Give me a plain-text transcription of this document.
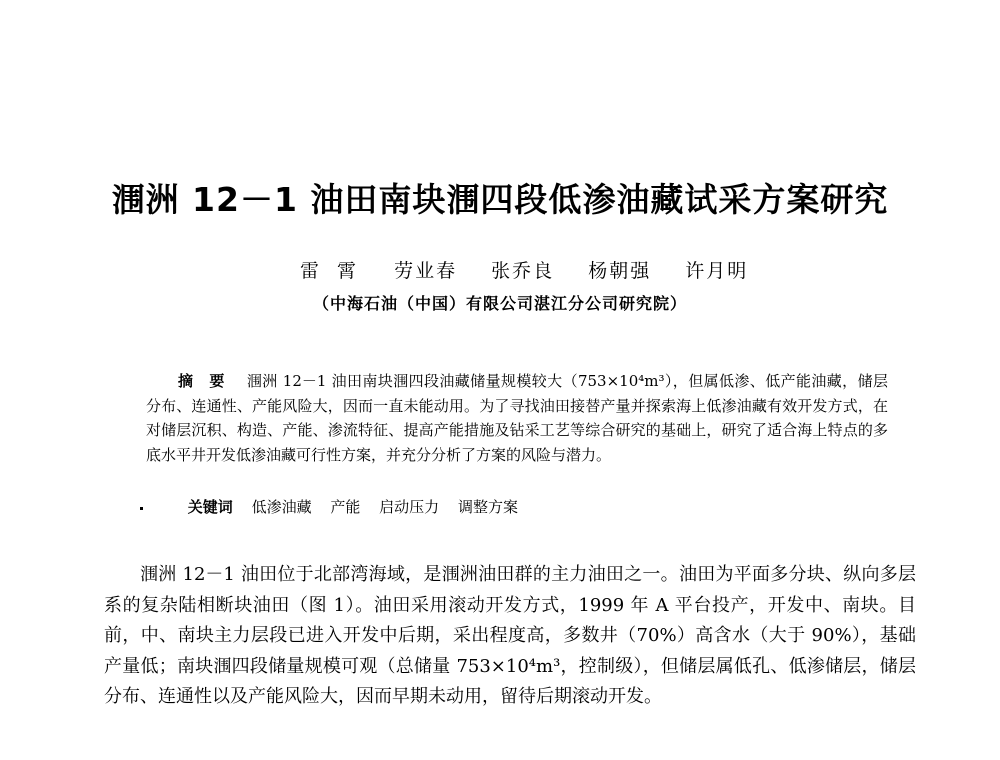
涠洲 12－1 油田南块涠四段低渗油藏试采方案研究
雷霄 劳业春 张乔良 杨朝强 许月明
（中海石油（中国）有限公司湛江分公司研究院）

摘要 涠洲 12－1 油田南块涠四段油藏储量规模较大（753×10⁴m³），但属低渗、低产能油藏，储层分布、连通性、产能风险大，因而一直未能动用。为了寻找油田接替产量并探索海上低渗油藏有效开发方式，在对储层沉积、构造、产能、渗流特征、提高产能措施及钻采工艺等综合研究的基础上，研究了适合海上特点的多底水平井开发低渗油藏可行性方案，并充分分析了方案的风险与潜力。

关键词 低渗油藏 产能 启动压力 调整方案

涠洲 12－1 油田位于北部湾海域，是涠洲油田群的主力油田之一。油田为平面多分块、纵向多层系的复杂陆相断块油田（图 1）。油田采用滚动开发方式，1999 年 A 平台投产，开发中、南块。目前，中、南块主力层段已进入开发中后期，采出程度高，多数井（70%）高含水（大于 90%），基础产量低；南块涠四段储量规模可观（总储量 753×10⁴m³，控制级），但储层属低孔、低渗储层，储层分布、连通性以及产能风险大，因而早期未动用，留待后期滚动开发。
